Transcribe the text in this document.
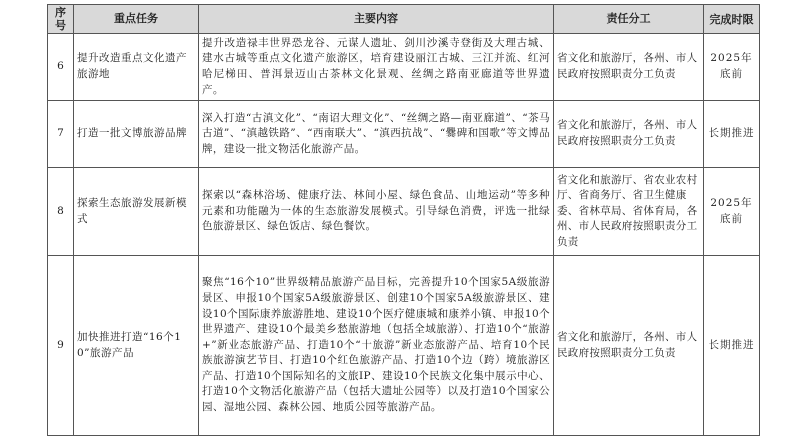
序号	重点任务	主要内容	责任分工	完成时限
6	提升改造重点文化遗产旅游地	提升改造禄丰世界恐龙谷、元谋人遗址、剑川沙溪寺登街及大理古城、建水古城等重点文化遗产旅游区，培育建设丽江古城、三江并流、红河哈尼梯田、普洱景迈山古茶林文化景观、丝绸之路南亚廊道等世界遗产。	省文化和旅游厅，各州、市人民政府按照职责分工负责	2025年底前
7	打造一批文博旅游品牌	深入打造“古滇文化”、“南诏大理文化”、“丝绸之路—南亚廊道”、“茶马古道”、“滇越铁路”、“西南联大”、“滇西抗战”、“爨碑和国歌”等文博品牌，建设一批文物活化旅游产品。	省文化和旅游厅，各州、市人民政府按照职责分工负责	长期推进
8	探索生态旅游发展新模式	探索以“森林浴场、健康疗法、林间小屋、绿色食品、山地运动”等多种元素和功能融为一体的生态旅游发展模式。引导绿色消费，评选一批绿色旅游景区、绿色饭店、绿色餐饮。	省文化和旅游厅、省农业农村厅、省商务厅、省卫生健康委、省林草局、省体育局，各州、市人民政府按照职责分工负责	2025年底前
9	加快推进打造“16个10”旅游产品	聚焦“16个10”世界级精品旅游产品目标，完善提升10个国家5A级旅游景区、申报10个国家5A级旅游景区、创建10个国家5A级旅游景区、建设10个国际康养旅游胜地、建设10个医疗健康城和康养小镇、申报10个世界遗产、建设10个最美乡愁旅游地（包括全域旅游）、打造10个“旅游+”新业态旅游产品、打造10个“十旅游”新业态旅游产品、培育10个民族旅游演艺节目、打造10个红色旅游产品、打造10个边（跨）境旅游区产品、打造10个国际知名的文旅IP、建设10个民族文化集中展示中心、打造10个文物活化旅游产品（包括大遗址公园等）以及打造10个国家公园、湿地公园、森林公园、地质公园等旅游产品。	省文化和旅游厅，各州、市人民政府按照职责分工负责	长期推进
